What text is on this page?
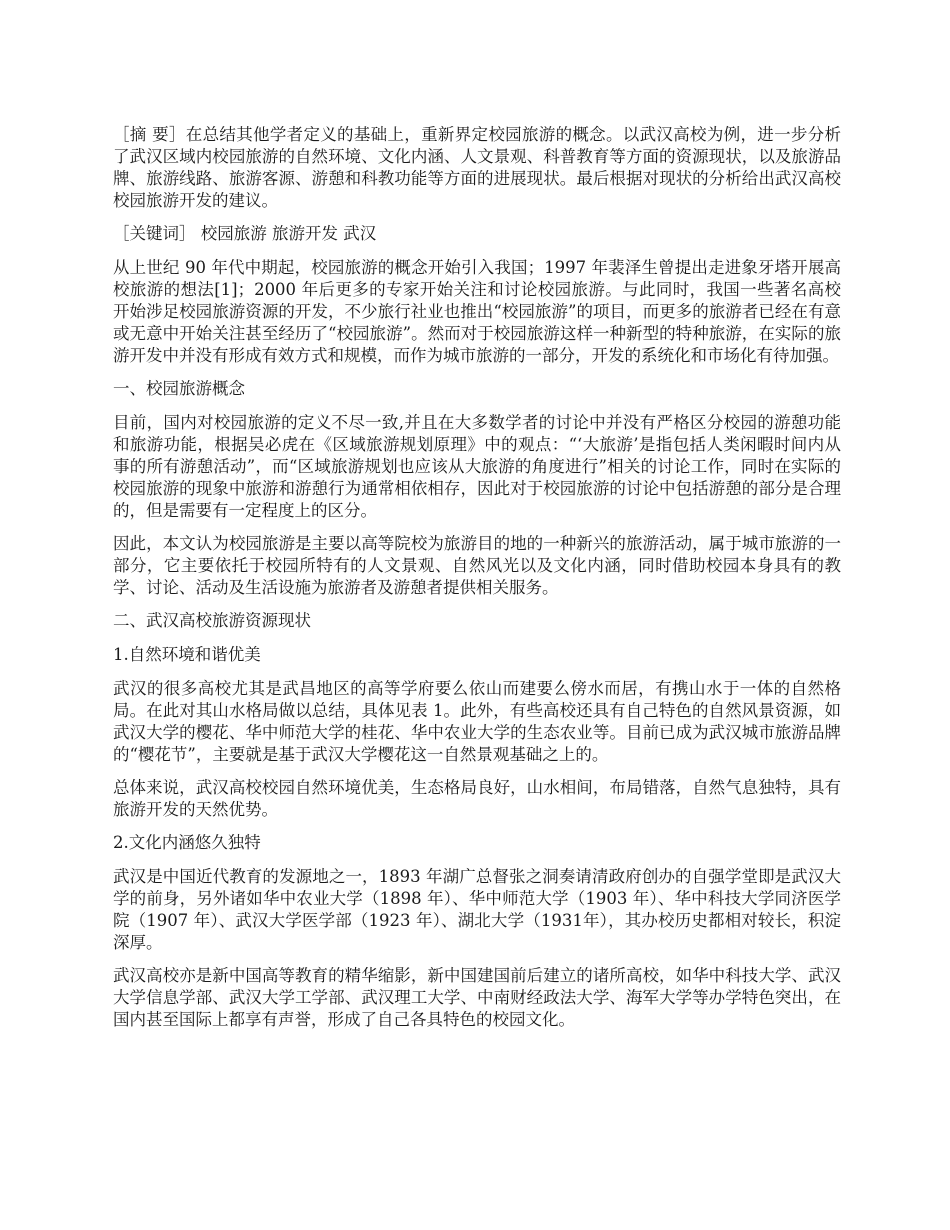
［摘 要］在总结其他学者定义的基础上，重新界定校园旅游的概念。以武汉高校为例，进一步分析了武汉区域内校园旅游的自然环境、文化内涵、人文景观、科普教育等方面的资源现状，以及旅游品牌、旅游线路、旅游客源、游憩和科教功能等方面的进展现状。最后根据对现状的分析给出武汉高校校园旅游开发的建议。

［关键词］ 校园旅游 旅游开发 武汉

从上世纪 90 年代中期起，校园旅游的概念开始引入我国；1997 年裴泽生曾提出走进象牙塔开展高校旅游的想法[1]；2000 年后更多的专家开始关注和讨论校园旅游。与此同时，我国一些著名高校开始涉足校园旅游资源的开发，不少旅行社业也推出“校园旅游”的项目，而更多的旅游者已经在有意或无意中开始关注甚至经历了“校园旅游”。然而对于校园旅游这样一种新型的特种旅游，在实际的旅游开发中并没有形成有效方式和规模，而作为城市旅游的一部分，开发的系统化和市场化有待加强。

一、校园旅游概念

目前，国内对校园旅游的定义不尽一致,并且在大多数学者的讨论中并没有严格区分校园的游憩功能和旅游功能，根据吴必虎在《区域旅游规划原理》中的观点：“‘大旅游’是指包括人类闲暇时间内从事的所有游憩活动”，而“区域旅游规划也应该从大旅游的角度进行”相关的讨论工作，同时在实际的校园旅游的现象中旅游和游憩行为通常相依相存，因此对于校园旅游的讨论中包括游憩的部分是合理的，但是需要有一定程度上的区分。

因此，本文认为校园旅游是主要以高等院校为旅游目的地的一种新兴的旅游活动，属于城市旅游的一部分，它主要依托于校园所特有的人文景观、自然风光以及文化内涵，同时借助校园本身具有的教学、讨论、活动及生活设施为旅游者及游憩者提供相关服务。

二、武汉高校旅游资源现状

1.自然环境和谐优美

武汉的很多高校尤其是武昌地区的高等学府要么依山而建要么傍水而居，有携山水于一体的自然格局。在此对其山水格局做以总结，具体见表 1。此外，有些高校还具有自己特色的自然风景资源，如武汉大学的樱花、华中师范大学的桂花、华中农业大学的生态农业等。目前已成为武汉城市旅游品牌的“樱花节”，主要就是基于武汉大学樱花这一自然景观基础之上的。

总体来说，武汉高校校园自然环境优美，生态格局良好，山水相间，布局错落，自然气息独特，具有旅游开发的天然优势。

2.文化内涵悠久独特

武汉是中国近代教育的发源地之一，1893 年湖广总督张之洞奏请清政府创办的自强学堂即是武汉大学的前身，另外诸如华中农业大学（1898 年）、华中师范大学（1903 年）、华中科技大学同济医学院（1907 年）、武汉大学医学部（1923 年）、湖北大学（1931年），其办校历史都相对较长，积淀深厚。

武汉高校亦是新中国高等教育的精华缩影，新中国建国前后建立的诸所高校，如华中科技大学、武汉大学信息学部、武汉大学工学部、武汉理工大学、中南财经政法大学、海军大学等办学特色突出，在国内甚至国际上都享有声誉，形成了自己各具特色的校园文化。
